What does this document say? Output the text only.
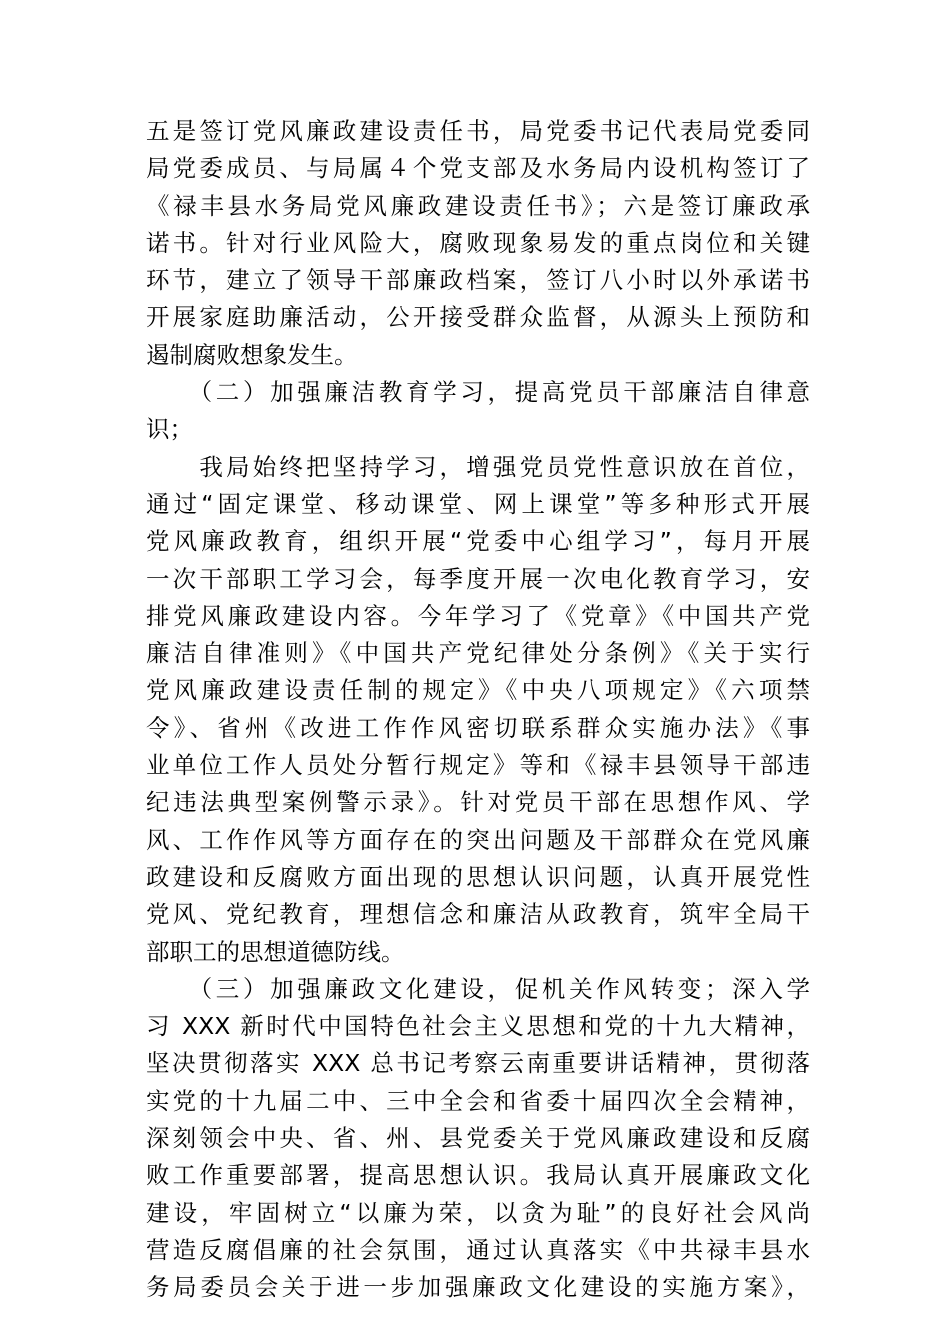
五是签订党风廉政建设责任书，局党委书记代表局党委同
局党委成员、与局属４个党支部及水务局内设机构签订了
《禄丰县水务局党风廉政建设责任书》；六是签订廉政承
诺书。针对行业风险大，腐败现象易发的重点岗位和关键
环节，建立了领导干部廉政档案，签订八小时以外承诺书
开展家庭助廉活动，公开接受群众监督，从源头上预防和
遏制腐败想象发生。
　　（二）加强廉洁教育学习，提高党员干部廉洁自律意
识；
　　我局始终把坚持学习，增强党员党性意识放在首位，
通过“固定课堂、移动课堂、网上课堂”等多种形式开展
党风廉政教育，组织开展“党委中心组学习”，每月开展
一次干部职工学习会，每季度开展一次电化教育学习，安
排党风廉政建设内容。今年学习了《党章》《中国共产党
廉洁自律准则》《中国共产党纪律处分条例》《关于实行
党风廉政建设责任制的规定》《中央八项规定》《六项禁
令》、省州《改进工作作风密切联系群众实施办法》《事
业单位工作人员处分暂行规定》等和《禄丰县领导干部违
纪违法典型案例警示录》。针对党员干部在思想作风、学
风、工作作风等方面存在的突出问题及干部群众在党风廉
政建设和反腐败方面出现的思想认识问题，认真开展党性
党风、党纪教育，理想信念和廉洁从政教育，筑牢全局干
部职工的思想道德防线。
　　（三）加强廉政文化建设，促机关作风转变；深入学
习 XXX 新时代中国特色社会主义思想和党的十九大精神，
坚决贯彻落实 XXX 总书记考察云南重要讲话精神，贯彻落
实党的十九届二中、三中全会和省委十届四次全会精神，
深刻领会中央、省、州、县党委关于党风廉政建设和反腐
败工作重要部署，提高思想认识。我局认真开展廉政文化
建设，牢固树立“以廉为荣，以贪为耻”的良好社会风尚
营造反腐倡廉的社会氛围，通过认真落实《中共禄丰县水
务局委员会关于进一步加强廉政文化建设的实施方案》，
